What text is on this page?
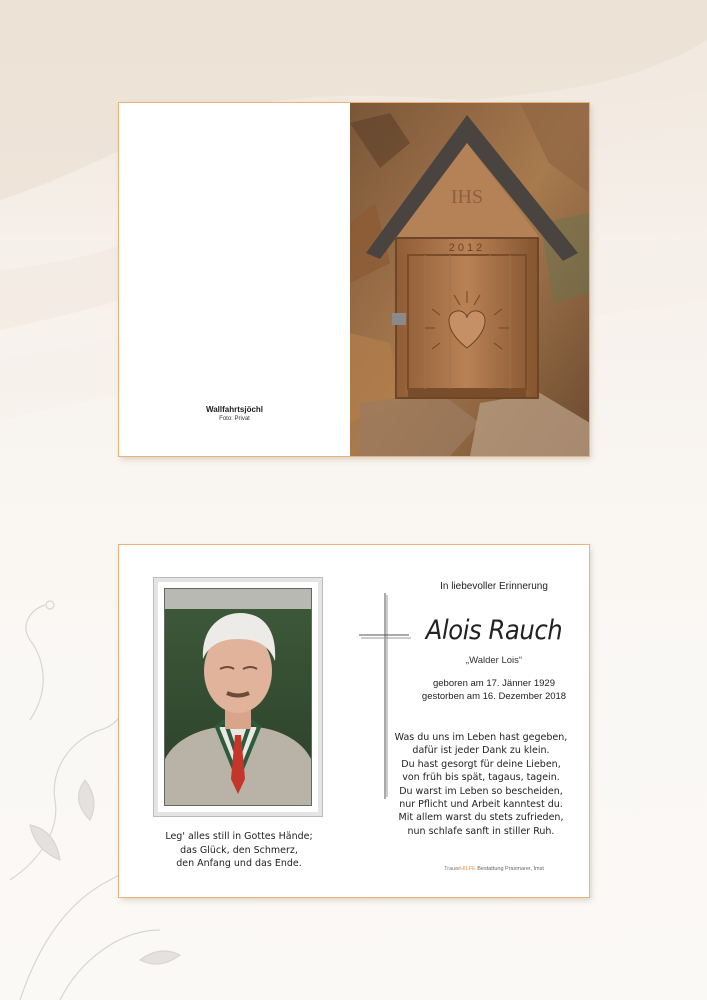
Wallfahrtsjöchl
Foto: Privat
IHS
2012
Leg' alles still in Gottes Hände;
das Glück, den Schmerz,
den Anfang und das Ende.
In liebevoller Erinnerung
Alois Rauch
„Walder Lois“
geboren am 17. Jänner 1929
gestorben am 16. Dezember 2018
Was du uns im Leben hast gegeben,
dafür ist jeder Dank zu klein.
Du hast gesorgt für deine Lieben,
von früh bis spät, tagaus, tagein.
Du warst im Leben so bescheiden,
nur Pflicht und Arbeit kanntest du.
Mit allem warst du stets zufrieden,
nun schlafe sanft in stiller Ruh.
TrauerHILFE Bestattung Praxmarer, Imst
